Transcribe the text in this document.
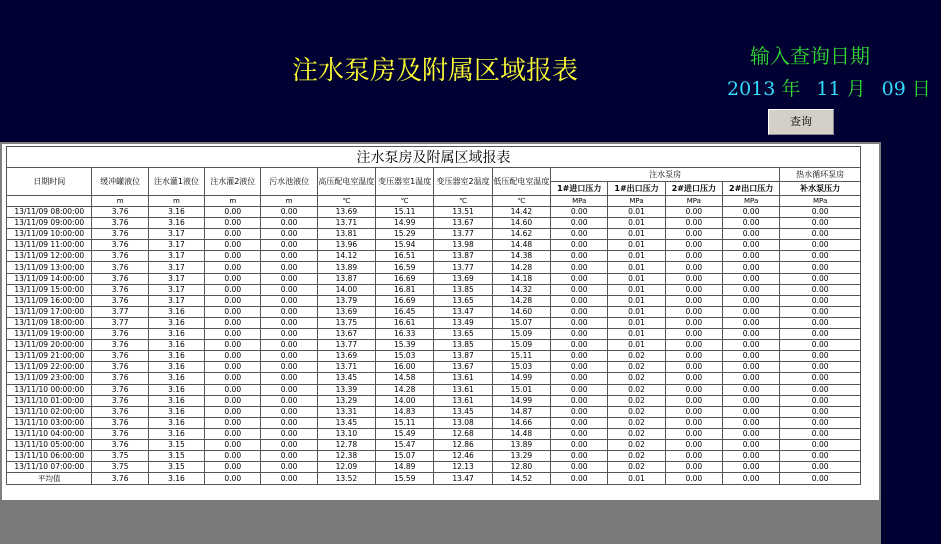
注水泵房及附属区域报表	输入查询日期
2013 年 11 月 09 日
查询
注水泵房及附属区域报表													
日期时间	缓冲罐液位	注水灌1液位	注水灌2液位	污水池液位	高压配电室温度	变压器室1温度	变压器室2温度	低压配电室温度	注水泵房				热水循环泵房
									1#进口压力	1#出口压力	2#进口压力	2#出口压力	补水泵压力
	m	m	m	m	℃	℃	℃	℃	MPa	MPa	MPa	MPa	MPa
13/11/09 08:00:00	3.76	3.16	0.00	0.00	13.69	15.11	13.51	14.42	0.00	0.01	0.00	0.00	0.00
13/11/09 09:00:00	3.76	3.16	0.00	0.00	13.71	14.99	13.67	14.60	0.00	0.01	0.00	0.00	0.00
13/11/09 10:00:00	3.76	3.17	0.00	0.00	13.81	15.29	13.77	14.62	0.00	0.01	0.00	0.00	0.00
13/11/09 11:00:00	3.76	3.17	0.00	0.00	13.96	15.94	13.98	14.48	0.00	0.01	0.00	0.00	0.00
13/11/09 12:00:00	3.76	3.17	0.00	0.00	14.12	16.51	13.87	14.38	0.00	0.01	0.00	0.00	0.00
13/11/09 13:00:00	3.76	3.17	0.00	0.00	13.89	16.59	13.77	14.28	0.00	0.01	0.00	0.00	0.00
13/11/09 14:00:00	3.76	3.17	0.00	0.00	13.87	16.69	13.69	14.18	0.00	0.01	0.00	0.00	0.00
13/11/09 15:00:00	3.76	3.17	0.00	0.00	14.00	16.81	13.85	14.32	0.00	0.01	0.00	0.00	0.00
13/11/09 16:00:00	3.76	3.17	0.00	0.00	13.79	16.69	13.65	14.28	0.00	0.01	0.00	0.00	0.00
13/11/09 17:00:00	3.77	3.16	0.00	0.00	13.69	16.45	13.47	14.60	0.00	0.01	0.00	0.00	0.00
13/11/09 18:00:00	3.77	3.16	0.00	0.00	13.75	16.61	13.49	15.07	0.00	0.01	0.00	0.00	0.00
13/11/09 19:00:00	3.76	3.16	0.00	0.00	13.67	16.33	13.65	15.09	0.00	0.01	0.00	0.00	0.00
13/11/09 20:00:00	3.76	3.16	0.00	0.00	13.77	15.39	13.85	15.09	0.00	0.01	0.00	0.00	0.00
13/11/09 21:00:00	3.76	3.16	0.00	0.00	13.69	15.03	13.87	15.11	0.00	0.02	0.00	0.00	0.00
13/11/09 22:00:00	3.76	3.16	0.00	0.00	13.71	16.00	13.67	15.03	0.00	0.02	0.00	0.00	0.00
13/11/09 23:00:00	3.76	3.16	0.00	0.00	13.45	14.58	13.61	14.99	0.00	0.02	0.00	0.00	0.00
13/11/10 00:00:00	3.76	3.16	0.00	0.00	13.39	14.28	13.61	15.01	0.00	0.02	0.00	0.00	0.00
13/11/10 01:00:00	3.76	3.16	0.00	0.00	13.29	14.00	13.61	14.99	0.00	0.02	0.00	0.00	0.00
13/11/10 02:00:00	3.76	3.16	0.00	0.00	13.31	14.83	13.45	14.87	0.00	0.02	0.00	0.00	0.00
13/11/10 03:00:00	3.76	3.16	0.00	0.00	13.45	15.11	13.08	14.66	0.00	0.02	0.00	0.00	0.00
13/11/10 04:00:00	3.76	3.16	0.00	0.00	13.10	15.49	12.68	14.48	0.00	0.02	0.00	0.00	0.00
13/11/10 05:00:00	3.76	3.15	0.00	0.00	12.78	15.47	12.86	13.89	0.00	0.02	0.00	0.00	0.00
13/11/10 06:00:00	3.75	3.15	0.00	0.00	12.38	15.07	12.46	13.29	0.00	0.02	0.00	0.00	0.00
13/11/10 07:00:00	3.75	3.15	0.00	0.00	12.09	14.89	12.13	12.80	0.00	0.02	0.00	0.00	0.00
平均值	3.76	3.16	0.00	0.00	13.52	15.59	13.47	14.52	0.00	0.01	0.00	0.00	0.00
